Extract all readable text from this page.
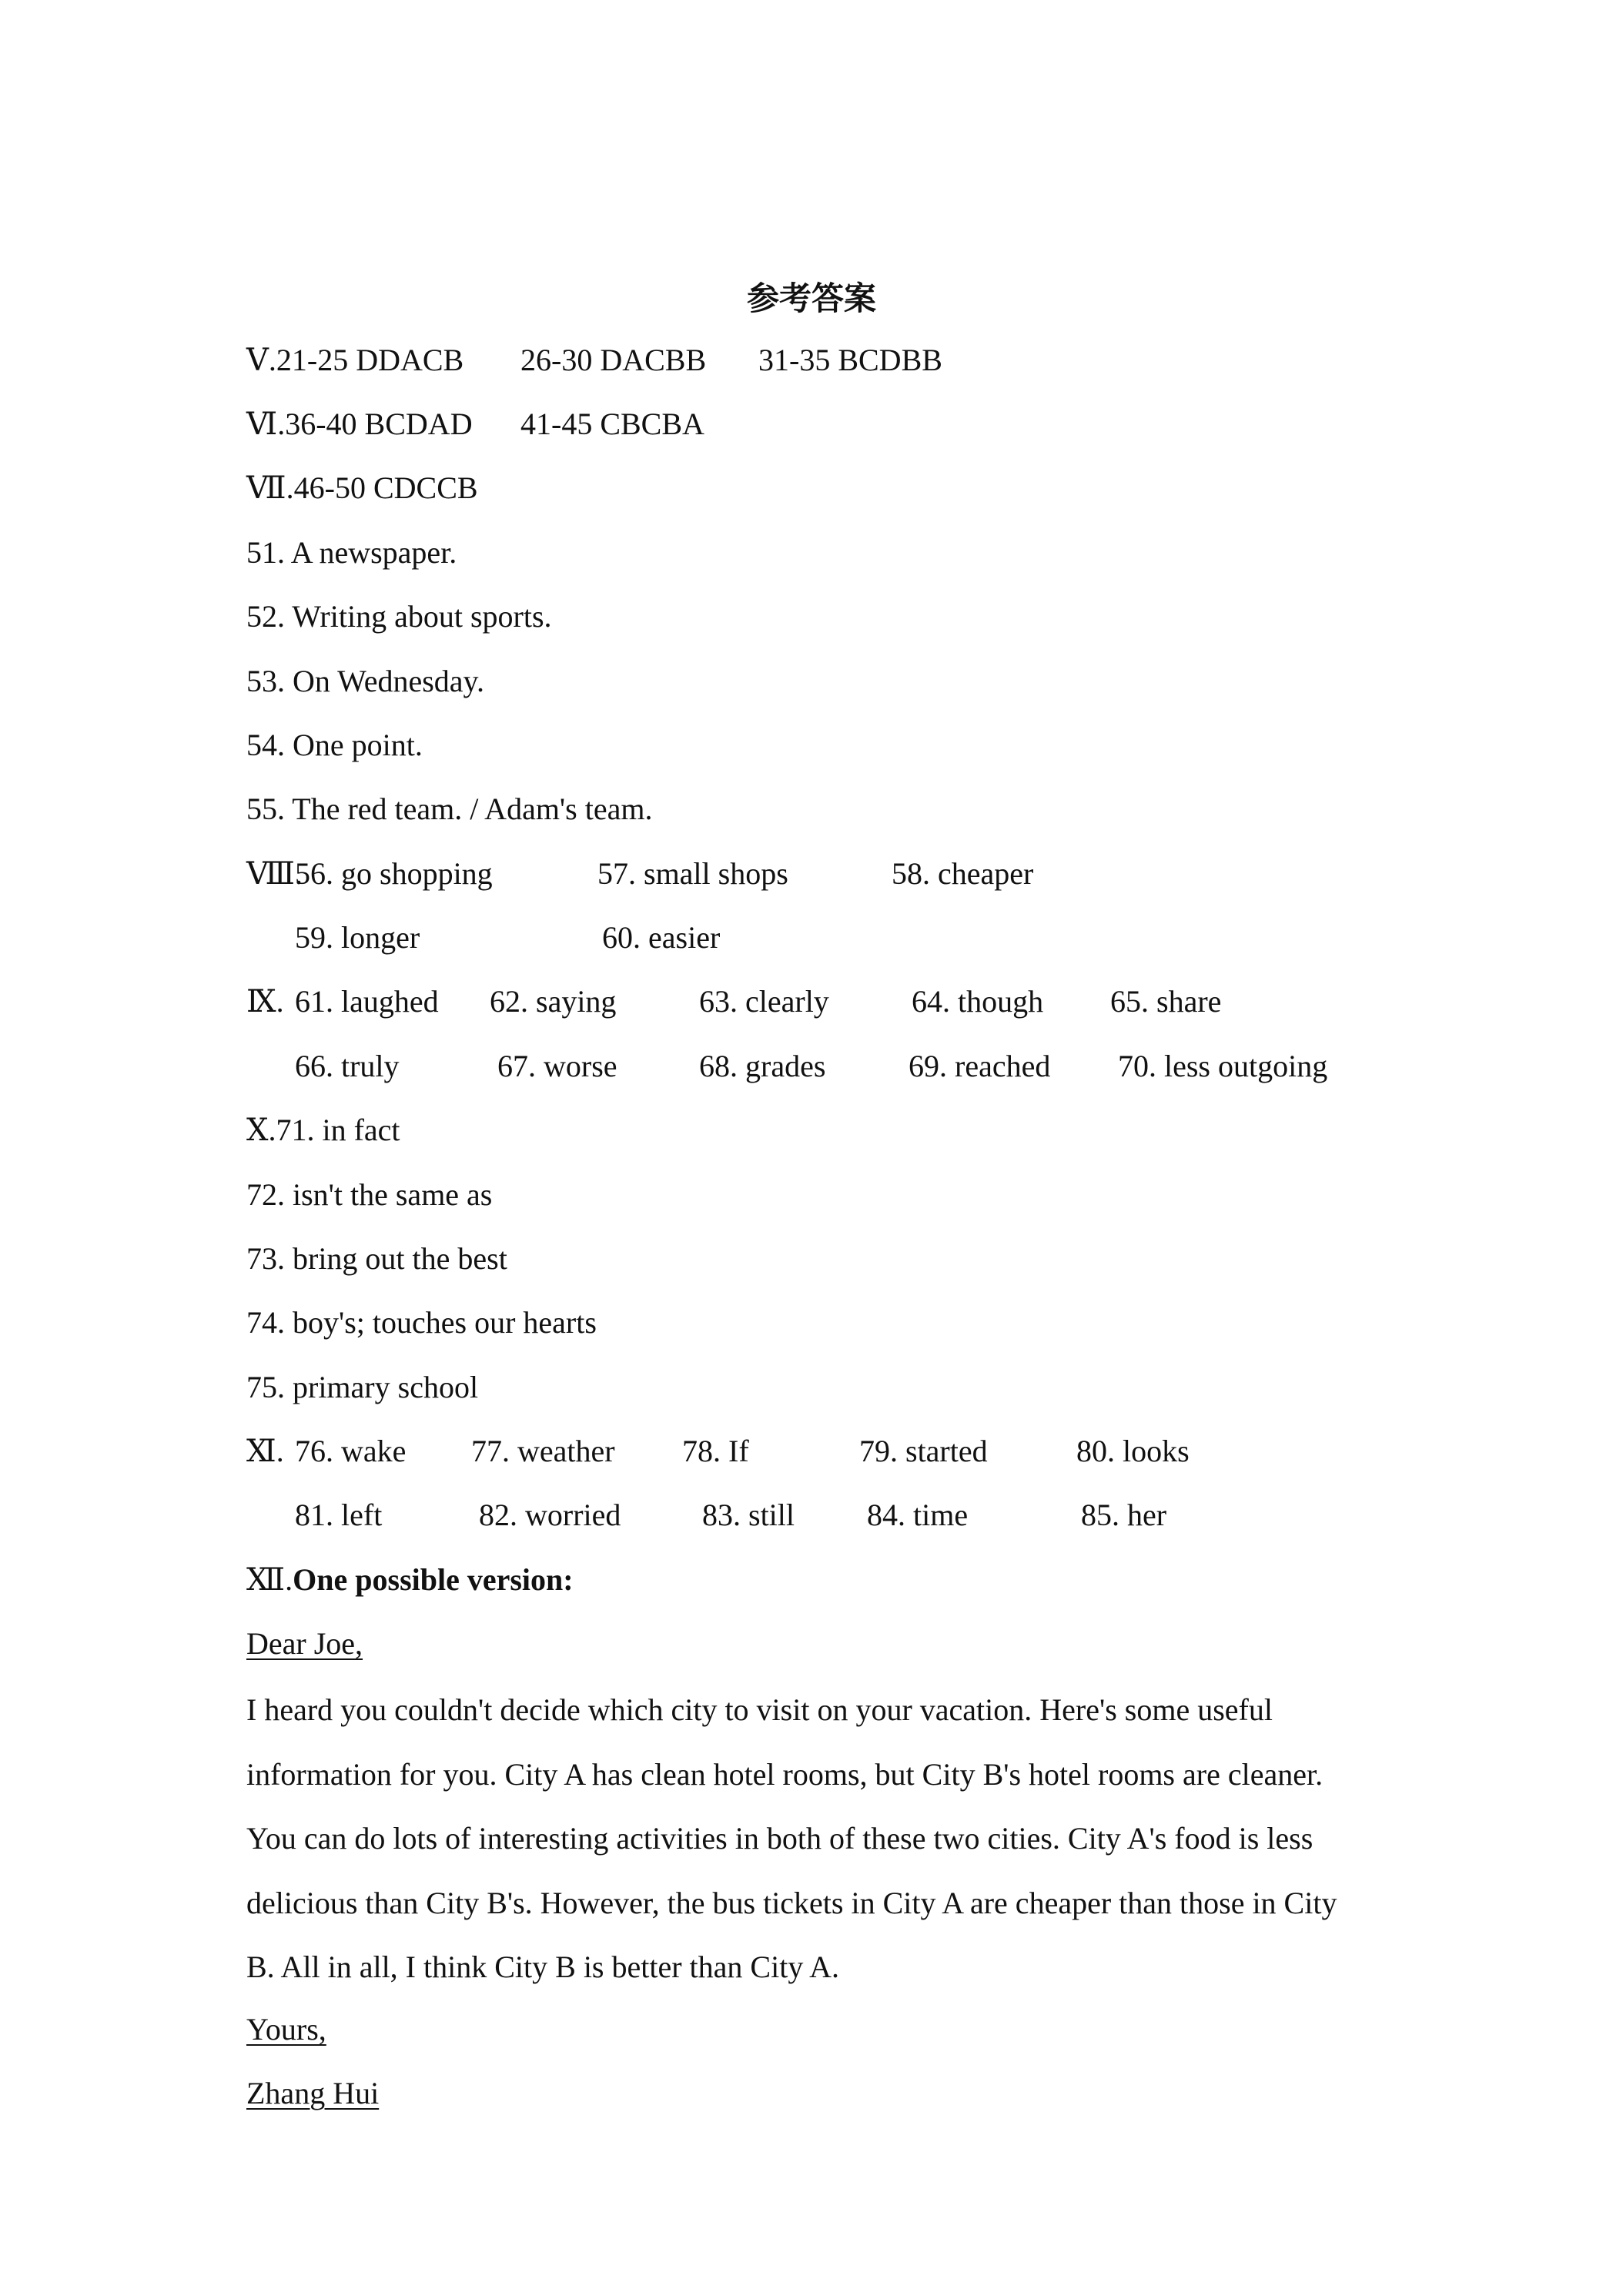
参考答案
Ⅴ.21-25 DDACB 26-30 DACBB 31-35 BCDBB
Ⅵ.36-40 BCDAD 41-45 CBCBA
Ⅶ.46-50 CDCCB
51. A newspaper.
52. Writing about sports.
53. On Wednesday.
54. One point.
55. The red team. / Adam's team.
Ⅷ.
56. go shopping	57. small shops	58. cheaper
59. longer	60. easier
Ⅸ. 61. laughed 62. saying	63. clearly	64. though 65. share
66. truly	67. worse	68. grades	69. reached 70. less outgoing
Ⅹ.71. in fact
72. isn't the same as
73. bring out the best
74. boy's; touches our hearts
75. primary school
Ⅺ. 76. wake 77. weather 78. If	79. started	80. looks
81. left	82. worried	83. still 84. time	85. her
Ⅻ.One possible version:
Dear Joe,
I heard you couldn't decide which city to visit on your vacation. Here's some useful information for you. City A has clean hotel rooms, but City B's hotel rooms are cleaner. You can do lots of interesting activities in both of these two cities. City A's food is less delicious than City B's. However, the bus tickets in City A are cheaper than those in City B. All in all, I think City B is better than City A.
Yours,
Zhang Hui
